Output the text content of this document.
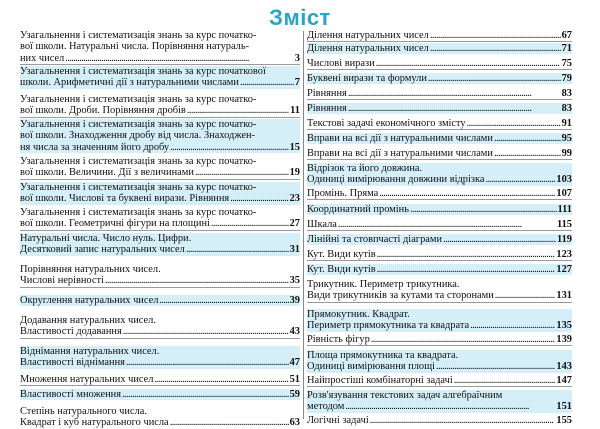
Зміст
Узагальнення і систематизація знань за курс початко-
вої школи. Натуральні числа. Порівняння натураль-
них чисел . . .	3
Узагальнення і систематизація знань за курс початкової
школи. Арифметичні дії з натуральними числами . . .	7
Узагальнення і систематизація знань за курс початко-
вої школи. Дроби. Порівняння дробів . . .	11
Узагальнення і систематизація знань за курс початко-
вої школи. Знаходження дробу від числа. Знаходжен-
ня числа за значенням його дробу . . .	15
Узагальнення і систематизація знань за курс початко-
вої школи. Величини. Дії з величинами . . .	19
Узагальнення і систематизація знань за курс початко-
вої школи. Числові та буквені вирази. Рівняння . . .	23
Узагальнення і систематизація знань за курс початко-
вої школи. Геометричні фігури на площині . . .	27
Натуральні числа. Число нуль. Цифри.
Десятковий запис натуральних чисел . . .	31
Порівняння натуральних чисел.
Числові нерівності . . .	35
Округлення натуральних чисел . . .	39
Додавання натуральних чисел.
Властивості додавання . . .	43
Віднімання натуральних чисел.
Властивості віднімання . . .	47
Множення натуральних чисел . . .	51
Властивості множення . . .	59
Степінь натурального числа.
Квадрат і куб натурального числа . . .	63
Ділення натуральних чисел . . .	67
Ділення натуральних чисел . . .	71
Числові вирази . . .	75
Буквені вирази та формули . . .	79
Рівняння . . .	83
Рівняння . . .	83
Текстові задачі економічного змісту . . .	91
Вправи на всі дії з натуральними числами . . .	95
Вправи на всі дії з натуральними числами . . .	99
Відрізок та його довжина.
Одиниці вимірювання довжини відрізка . . .	103
Промінь. Пряма . . .	107
Координатний промінь . . .	111
Шкала . . .	115
Лінійні та стовпчасті діаграми . . .	119
Кут. Види кутів . . .	123
Кут. Види кутів . . .	127
Трикутник. Периметр трикутника.
Види трикутників за кутами та сторонами . . .	131
Прямокутник. Квадрат.
Периметр прямокутника та квадрата . . .	135
Рівність фігур . . .	139
Площа прямокутника та квадрата.
Одиниці вимірювання площі . . .	143
Найпростіші комбінаторні задачі . . .	147
Розв'язування текстових задач алгебраїчним
методом . . .	151
Логічні задачі . . .	155
